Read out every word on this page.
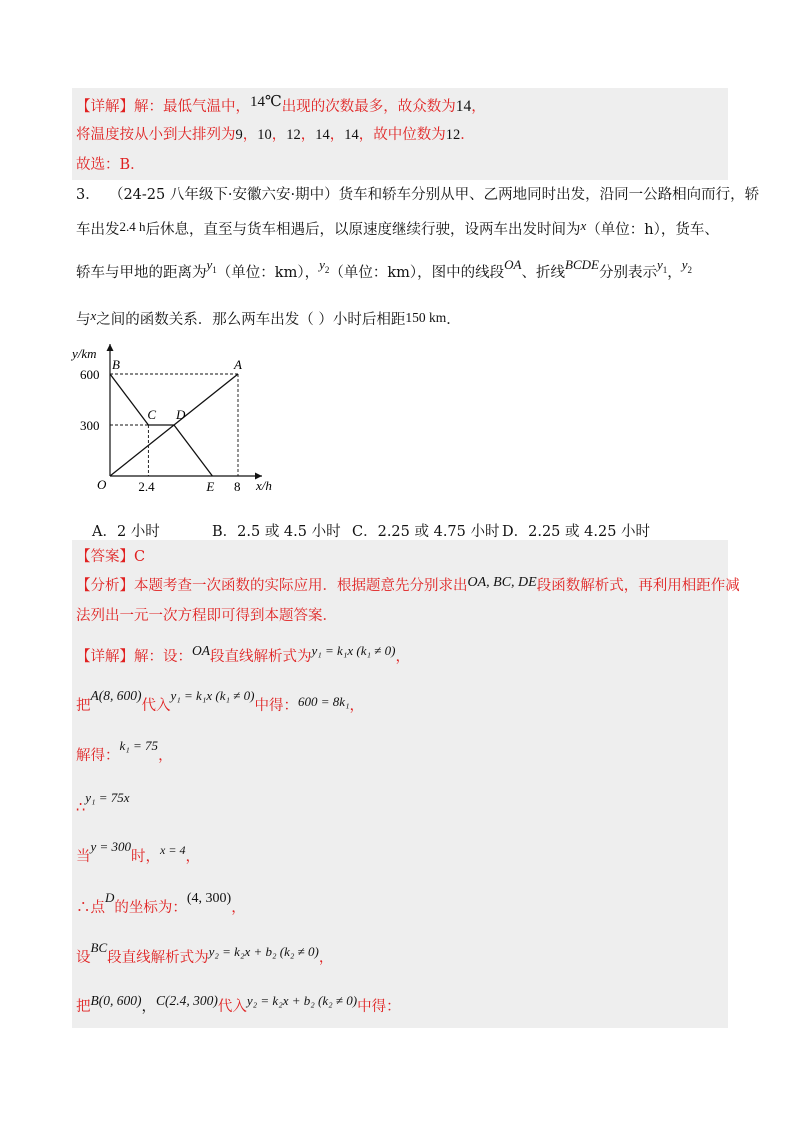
【详解】解：最低气温中，14℃出现的次数最多，故众数为14，
将温度按从小到大排列为9，10，12，14，14，故中位数为12．
故选：B．
3． （24-25 八年级下·安徽六安·期中）货车和轿车分别从甲、乙两地同时出发，沿同一公路相向而行，轿
车出发2.4 h后休息，直至与货车相遇后，以原速度继续行驶，设两车出发时间为x（单位：h），货车、
轿车与甲地的距离为$y_1$（单位：km），$y_2$（单位：km），图中的线段OA、折线BCDE分别表示$y_1$，$y_2$
与x之间的函数关系．那么两车出发（ ）小时后相距150 km．
y/km
x/h
600
300
2.4	8
O
A
B
C D
E
A．2 小时	B．2.5 或 4.5 小时 C．2.25 或 4.75 小时 D．2.25 或 4.25 小时
【答案】C
【分析】本题考查一次函数的实际应用．根据题意先分别求出OA, BC, DE段函数解析式，再利用相距作减
法列出一元一次方程即可得到本题答案．
【详解】解：设：OA段直线解析式为y₁ = k₁x (k₁ ≠ 0)，
把A(8, 600)代入y₁ = k₁x (k₁ ≠ 0)中得：600 = 8k₁，
解得：k₁ = 75，
∴y₁ = 75x
当y = 300时，$^{x = 4}$，
∴点D的坐标为：(4, 300)，
设BC段直线解析式为y₂ = k₂x + b₂ (k₂ ≠ 0)，
把B(0, 600)，C(2.4, 300)代入y₂ = k₂x + b₂ (k₂ ≠ 0)中得：
